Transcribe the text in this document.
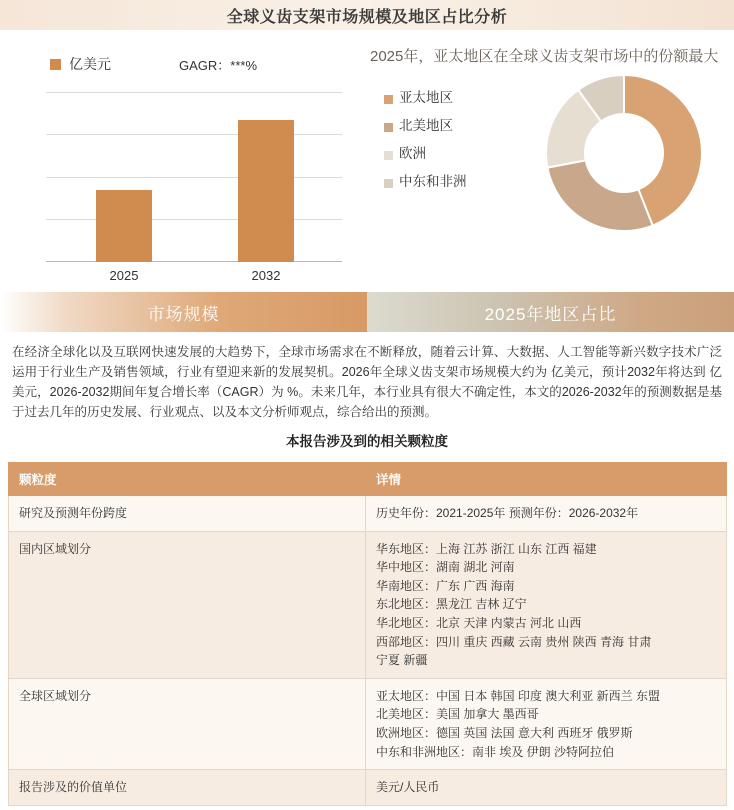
全球义齿支架市场规模及地区占比分析
亿美元	GAGR：***%
2025	2032
2025年，亚太地区在全球义齿支架市场中的份额最大
亚太地区
北美地区
欧洲
中东和非洲
市场规模	2025年地区占比
在经济全球化以及互联网快速发展的大趋势下，全球市场需求在不断释放，随着云计算、大数据、人工智能等新兴数字技术广泛运用于行业生产及销售领域，行业有望迎来新的发展契机。2026年全球义齿支架市场规模大约为 亿美元，预计2032年将达到 亿美元，2026-2032期间年复合增长率（CAGR）为 %。未来几年，本行业具有很大不确定性，本文的2026-2032年的预测数据是基于过去几年的历史发展、行业观点、以及本文分析师观点，综合给出的预测。
本报告涉及到的相关颗粒度
颗粒度	详情
研究及预测年份跨度	历史年份：2021-2025年 预测年份：2026-2032年

国内区域划分	华东地区：上海 江苏 浙江 山东 江西 福建
华中地区：湖南 湖北 河南
华南地区：广东 广西 海南
东北地区：黑龙江 吉林 辽宁
华北地区：北京 天津 内蒙古 河北 山西
西部地区：四川 重庆 西藏 云南 贵州 陕西 青海 甘肃
宁夏 新疆

全球区域划分	亚太地区：中国 日本 韩国 印度 澳大利亚 新西兰 东盟
北美地区：美国 加拿大 墨西哥
欧洲地区：德国 英国 法国 意大利 西班牙 俄罗斯
中东和非洲地区：南非 埃及 伊朗 沙特阿拉伯

报告涉及的价值单位	美元/人民币
